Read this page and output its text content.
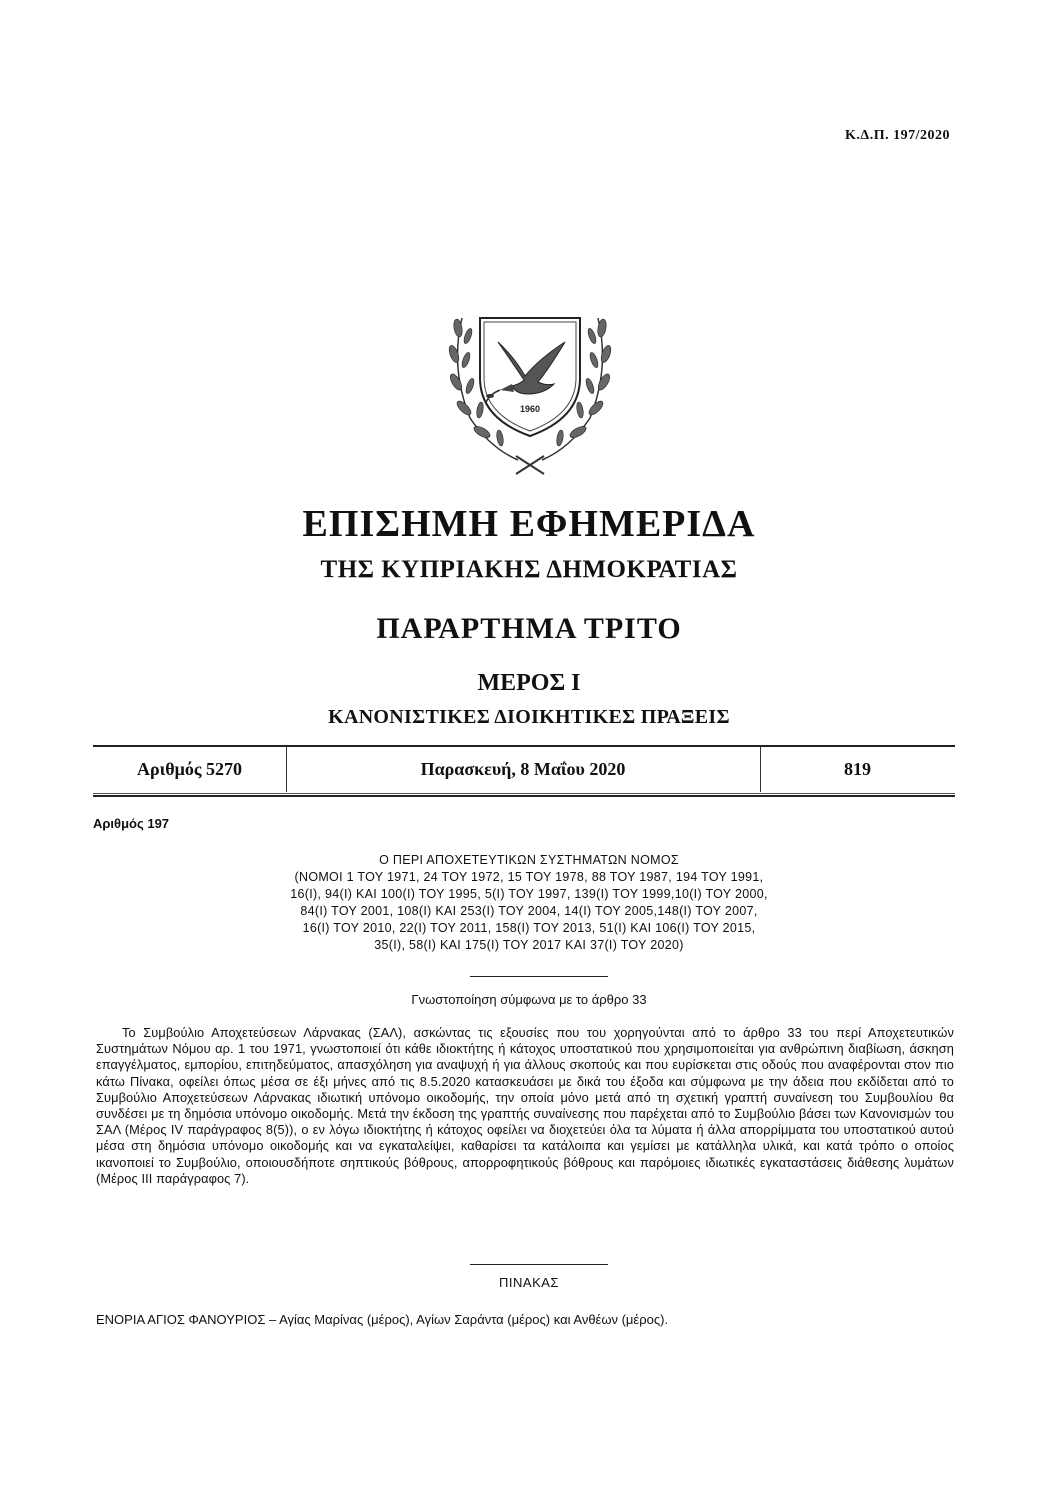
Κ.Δ.Π. 197/2020
1960
ΕΠΙΣΗΜΗ ΕΦΗΜΕΡΙΔΑ
ΤΗΣ ΚΥΠΡΙΑΚΗΣ ΔΗΜΟΚΡΑΤΙΑΣ
ΠΑΡΑΡΤΗΜΑ ΤΡΙΤΟ
ΜΕΡΟΣ Ι
ΚΑΝΟΝΙΣΤΙΚΕΣ ΔΙΟΙΚΗΤΙΚΕΣ ΠΡΑΞΕΙΣ
Αριθμός 5270	Παρασκευή, 8 Μαΐου 2020	819
Αριθμός 197
Ο ΠΕΡΙ ΑΠΟΧΕΤΕΥΤΙΚΩΝ ΣΥΣΤΗΜΑΤΩΝ ΝΟΜΟΣ
(ΝΟΜΟΙ 1 ΤΟΥ 1971, 24 ΤΟΥ 1972, 15 ΤΟΥ 1978, 88 ΤΟΥ 1987, 194 ΤΟΥ 1991,
16(Ι), 94(Ι) ΚΑΙ 100(Ι) ΤΟΥ 1995, 5(Ι) ΤΟΥ 1997, 139(Ι) ΤΟΥ 1999,10(Ι) ΤΟΥ 2000,
84(Ι) ΤΟΥ 2001, 108(Ι) ΚΑΙ 253(Ι) ΤΟΥ 2004, 14(Ι) ΤΟΥ 2005,148(Ι) ΤΟΥ 2007,
16(Ι) ΤΟΥ 2010, 22(Ι) ΤΟΥ 2011, 158(Ι) ΤΟΥ 2013, 51(Ι) ΚΑΙ 106(Ι) ΤΟΥ 2015,
35(Ι), 58(Ι) ΚΑΙ 175(Ι) ΤΟΥ 2017 ΚΑΙ 37(Ι) ΤΟΥ 2020)
Γνωστοποίηση σύμφωνα με το άρθρο 33
Το Συμβούλιο Αποχετεύσεων Λάρνακας (ΣΑΛ), ασκώντας τις εξουσίες που του χορηγούνται από το άρθρο 33 του περί Αποχετευτικών Συστημάτων Νόμου αρ. 1 του 1971, γνωστοποιεί ότι κάθε ιδιοκτήτης ή κάτοχος υποστατικού που χρησιμοποιείται για ανθρώπινη διαβίωση, άσκηση επαγγέλματος, εμπορίου, επιτηδεύματος, απασχόληση για αναψυχή ή για άλλους σκοπούς και που ευρίσκεται στις οδούς που αναφέρονται στον πιο κάτω Πίνακα, οφείλει όπως μέσα σε έξι μήνες από τις 8.5.2020 κατασκευάσει με δικά του έξοδα και σύμφωνα με την άδεια που εκδίδεται από το Συμβούλιο Αποχετεύσεων Λάρνακας ιδιωτική υπόνομο οικοδομής, την οποία μόνο μετά από τη σχετική γραπτή συναίνεση του Συμβουλίου θα συνδέσει με τη δημόσια υπόνομο οικοδομής. Μετά την έκδοση της γραπτής συναίνεσης που παρέχεται από το Συμβούλιο βάσει των Κανονισμών του ΣΑΛ (Μέρος IV παράγραφος 8(5)), ο εν λόγω ιδιοκτήτης ή κάτοχος οφείλει να διοχετεύει όλα τα λύματα ή άλλα απορρίμματα του υποστατικού αυτού μέσα στη δημόσια υπόνομο οικοδομής και να εγκαταλείψει, καθαρίσει τα κατάλοιπα και γεμίσει με κατάλληλα υλικά, και κατά τρόπο ο οποίος ικανοποιεί το Συμβούλιο, οποιουσδήποτε σηπτικούς βόθρους, απορροφητικούς βόθρους και παρόμοιες ιδιωτικές εγκαταστάσεις διάθεσης λυμάτων (Μέρος ΙΙΙ παράγραφος 7).
ΠΙΝΑΚΑΣ
ΕΝΟΡΙΑ ΑΓΙΟΣ ΦΑΝΟΥΡΙΟΣ – Αγίας Μαρίνας (μέρος), Αγίων Σαράντα (μέρος) και Ανθέων (μέρος).
